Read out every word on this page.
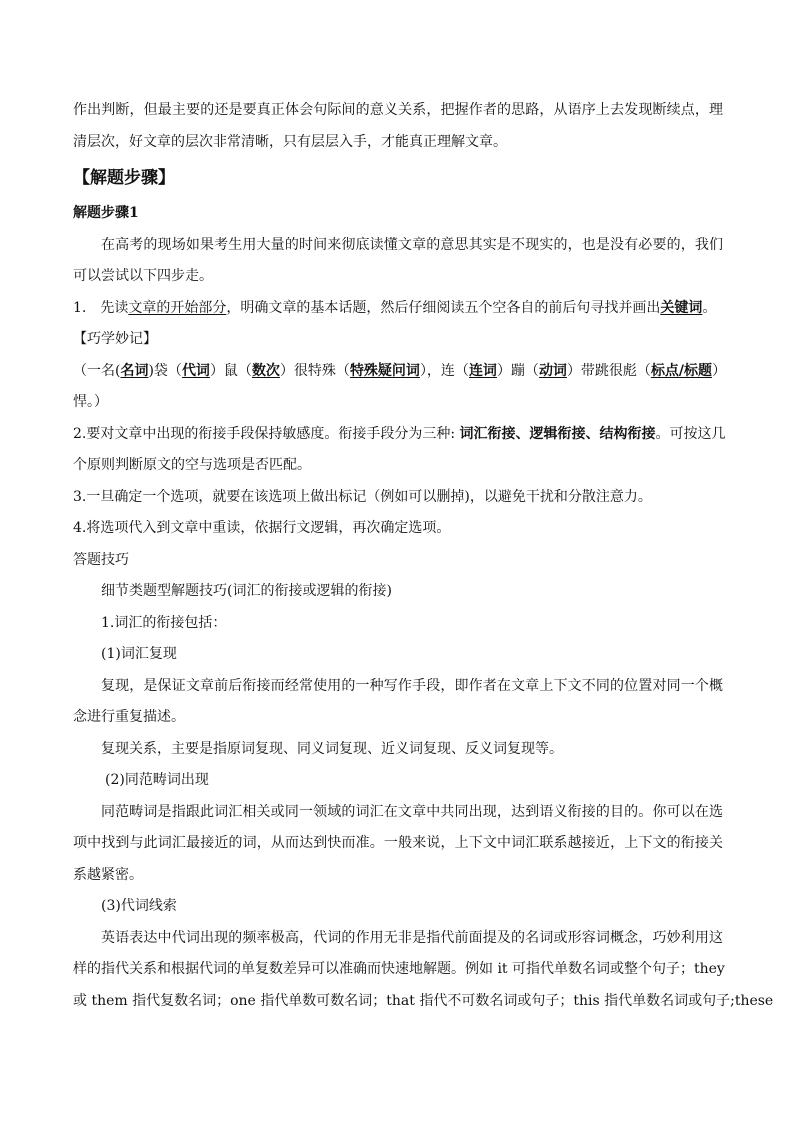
作出判断，但最主要的还是要真正体会句际间的意义关系，把握作者的思路，从语序上去发现断续点，理

清层次，好文章的层次非常清晰，只有层层入手，才能真正理解文章。

【解题步骤】

解题步骤1

在高考的现场如果考生用大量的时间来彻底读懂文章的意思其实是不现实的，也是没有必要的，我们

可以尝试以下四步走。

1.　先读文章的开始部分，明确文章的基本话题，然后仔细阅读五个空各自的前后句寻找并画出关键词。

【巧学妙记】

（一名(名词)袋（代词）鼠（数次）很特殊（特殊疑问词），连（连词）蹦（动词）带跳很彪（标点/标题）

悍。）

2.要对文章中出现的衔接手段保持敏感度。衔接手段分为三种: 词汇衔接、逻辑衔接、结构衔接。可按这几

个原则判断原文的空与选项是否匹配。

3.一旦确定一个选项，就要在该选项上做出标记（例如可以删掉)，以避免干扰和分散注意力。

4.将选项代入到文章中重读，依据行文逻辑，再次确定选项。

答题技巧

细节类题型解题技巧(词汇的衔接或逻辑的衔接)

1.词汇的衔接包括：

(1)词汇复现

复现，是保证文章前后衔接而经常使用的一种写作手段，即作者在文章上下文不同的位置对同一个概

念进行重复描述。

复现关系，主要是指原词复现、同义词复现、近义词复现、反义词复现等。

(2)同范畴词出现

同范畴词是指跟此词汇相关或同一领域的词汇在文章中共同出现，达到语义衔接的目的。你可以在选

项中找到与此词汇最接近的词，从而达到快而准。一般来说，上下文中词汇联系越接近，上下文的衔接关

系越紧密。

(3)代词线索

英语表达中代词出现的频率极高，代词的作用无非是指代前面提及的名词或形容词概念，巧妙利用这

样的指代关系和根据代词的单复数差异可以准确而快速地解题。例如 it 可指代单数名词或整个句子；they

或 them 指代复数名词；one 指代单数可数名词；that 指代不可数名词或句子；this 指代单数名词或句子;these
